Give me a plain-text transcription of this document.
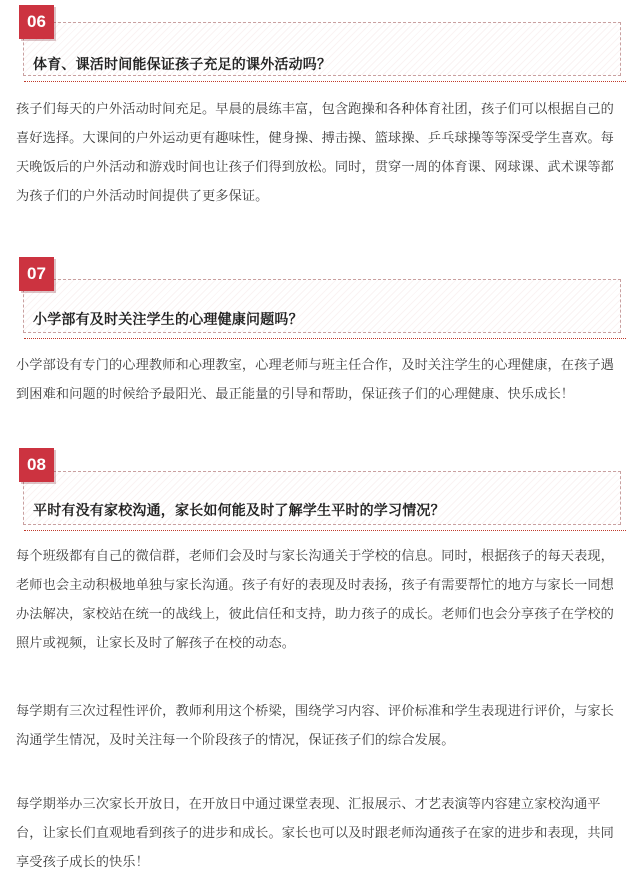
06

体育、课活时间能保证孩子充足的课外活动吗？

孩子们每天的户外活动时间充足。早晨的晨练丰富，包含跑操和各种体育社团，孩子们可以根据自己的
喜好选择。大课间的户外运动更有趣味性，健身操、搏击操、篮球操、乒乓球操等等深受学生喜欢。每
天晚饭后的户外活动和游戏时间也让孩子们得到放松。同时，贯穿一周的体育课、网球课、武术课等都
为孩子们的户外活动时间提供了更多保证。
07

小学部有及时关注学生的心理健康问题吗？

小学部设有专门的心理教师和心理教室，心理老师与班主任合作，及时关注学生的心理健康，在孩子遇
到困难和问题的时候给予最阳光、最正能量的引导和帮助，保证孩子们的心理健康、快乐成长！
08

平时有没有家校沟通，家长如何能及时了解学生平时的学习情况？

每个班级都有自己的微信群，老师们会及时与家长沟通关于学校的信息。同时，根据孩子的每天表现，
老师也会主动积极地单独与家长沟通。孩子有好的表现及时表扬，孩子有需要帮忙的地方与家长一同想
办法解决，家校站在统一的战线上，彼此信任和支持，助力孩子的成长。老师们也会分享孩子在学校的
照片或视频，让家长及时了解孩子在校的动态。
每学期有三次过程性评价，教师利用这个桥梁，围绕学习内容、评价标准和学生表现进行评价，与家长
沟通学生情况，及时关注每一个阶段孩子的情况，保证孩子们的综合发展。
每学期举办三次家长开放日，在开放日中通过课堂表现、汇报展示、才艺表演等内容建立家校沟通平
台，让家长们直观地看到孩子的进步和成长。家长也可以及时跟老师沟通孩子在家的进步和表现，共同
享受孩子成长的快乐！
